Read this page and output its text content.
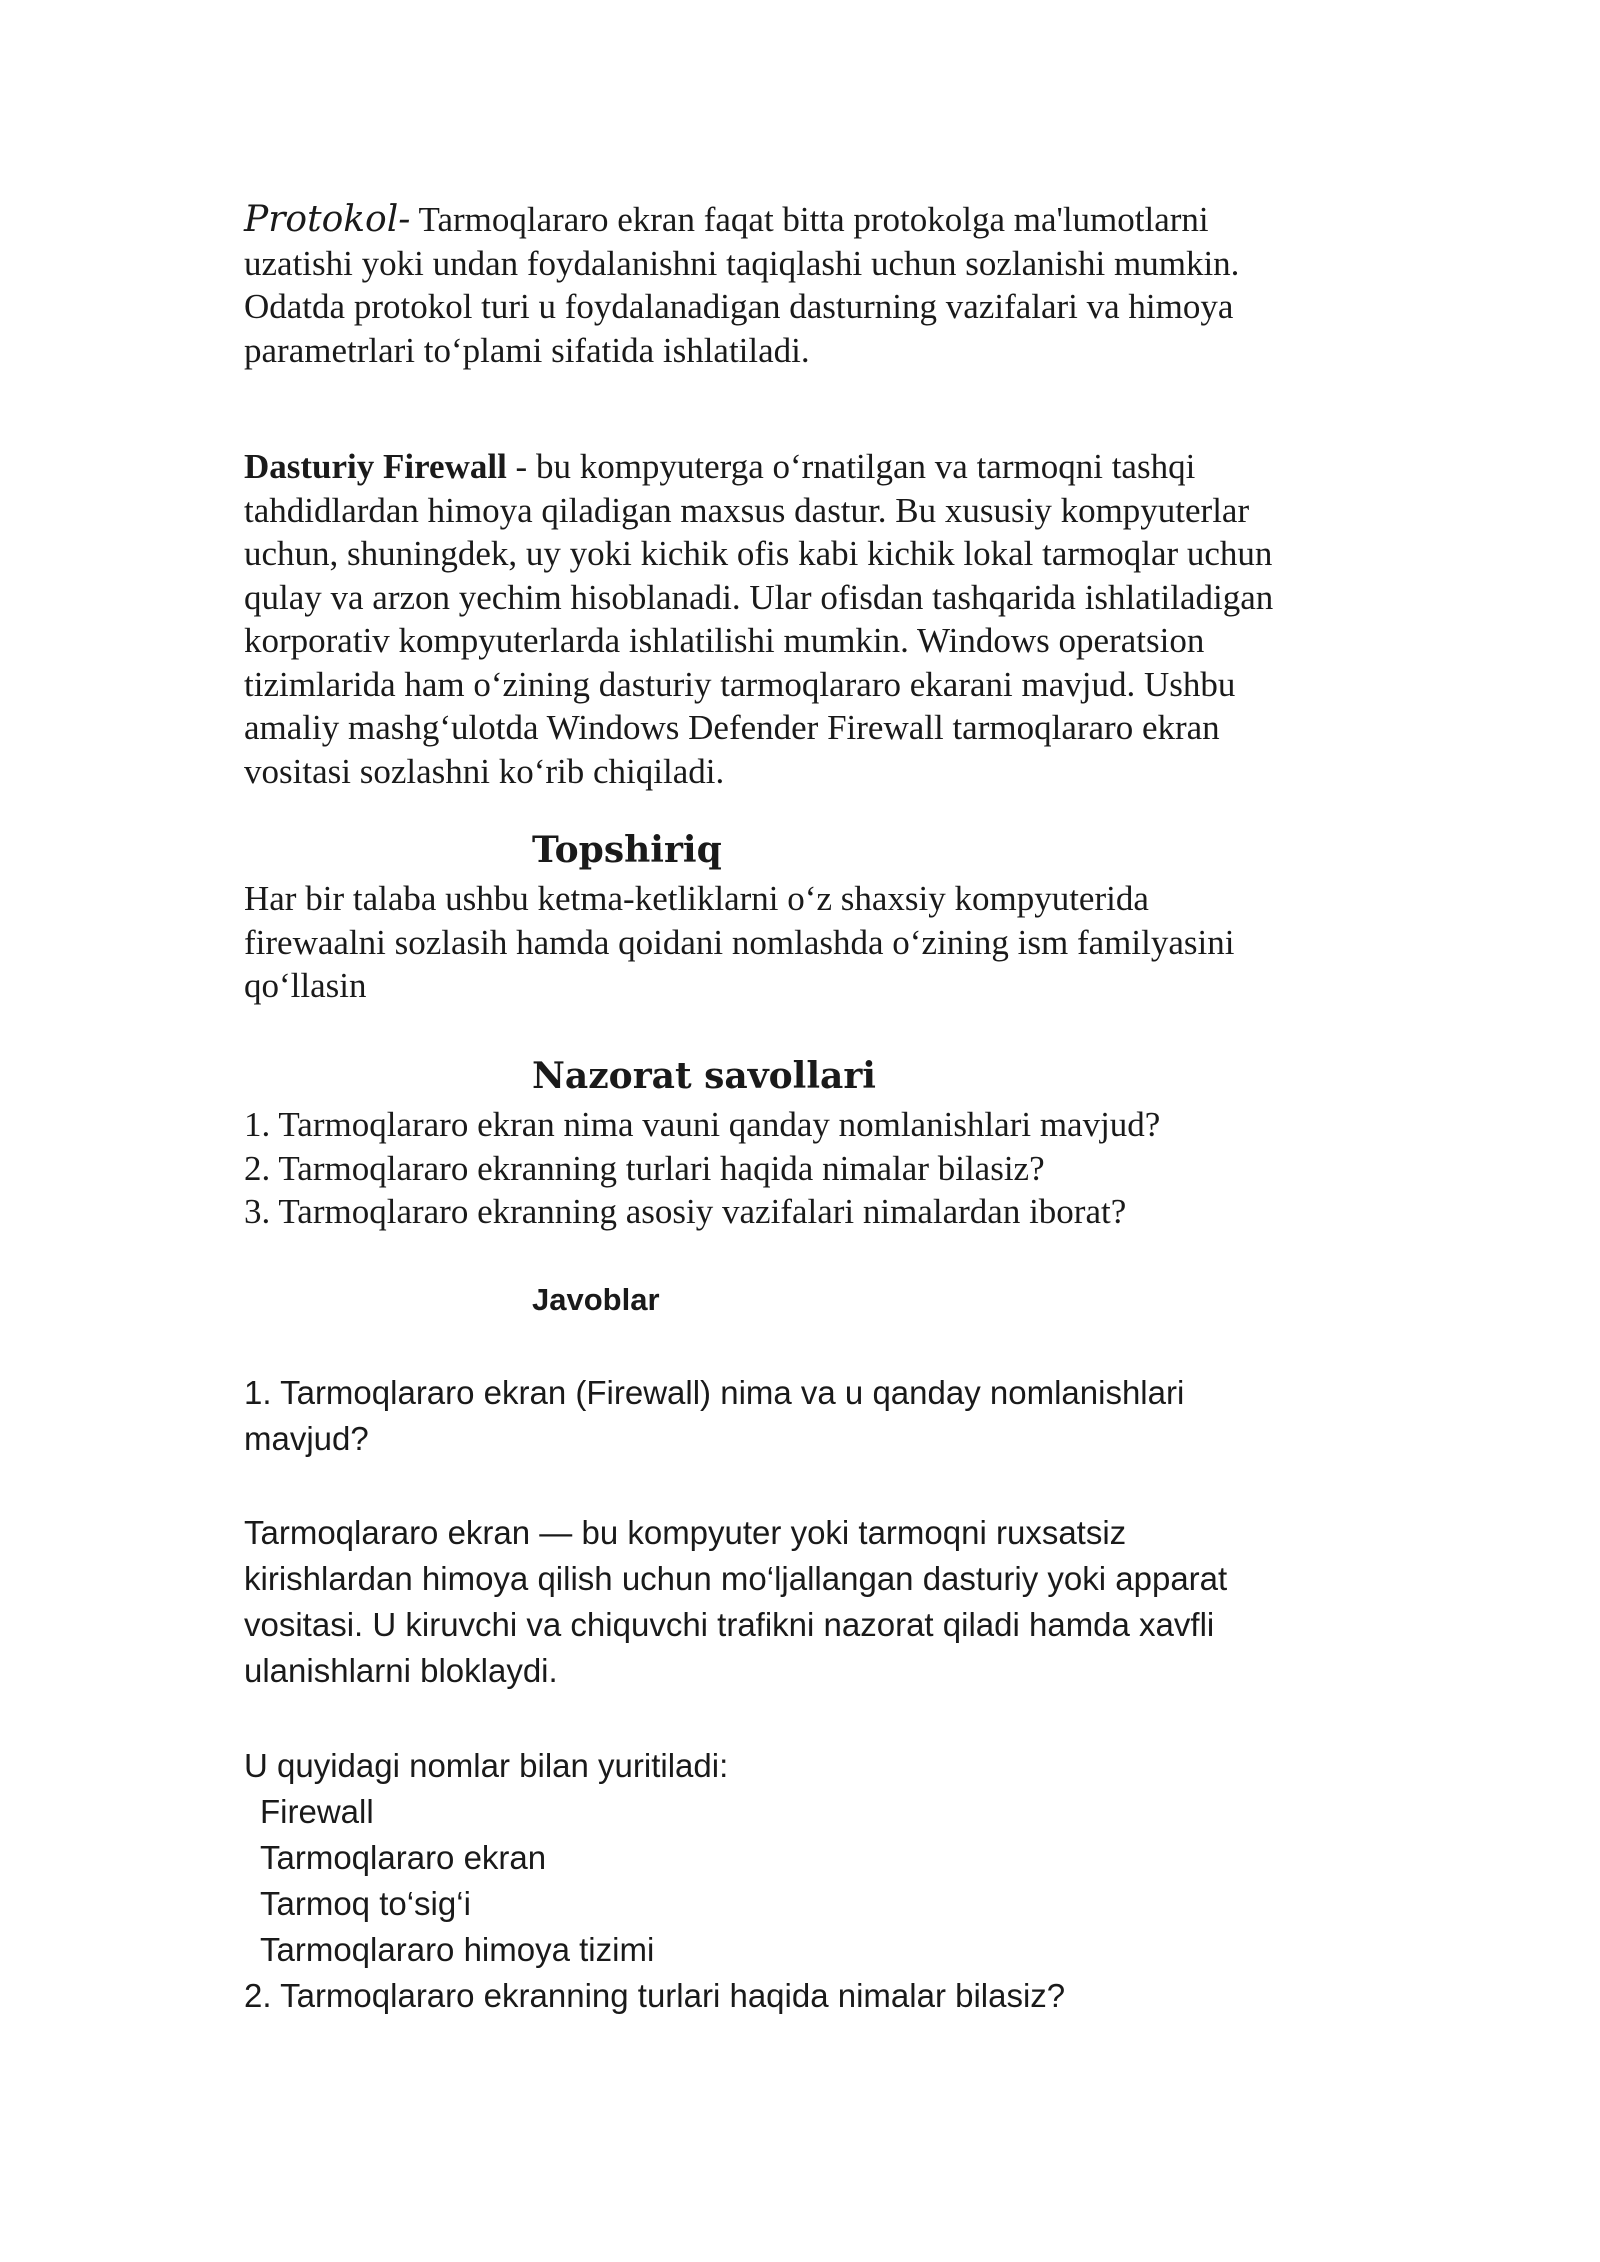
Protokol- Tarmoqlararo ekran faqat bitta protokolga ma'lumotlarni
uzatishi yoki undan foydalanishni taqiqlashi uchun sozlanishi mumkin.
Odatda protokol turi u foydalanadigan dasturning vazifalari va himoya
parametrlari to‘plami sifatida ishlatiladi.

Dasturiy Firewall - bu kompyuterga o‘rnatilgan va tarmoqni tashqi
tahdidlardan himoya qiladigan maxsus dastur. Bu xususiy kompyuterlar
uchun, shuningdek, uy yoki kichik ofis kabi kichik lokal tarmoqlar uchun
qulay va arzon yechim hisoblanadi. Ular ofisdan tashqarida ishlatiladigan
korporativ kompyuterlarda ishlatilishi mumkin. Windows operatsion
tizimlarida ham o‘zining dasturiy tarmoqlararo ekarani mavjud. Ushbu
amaliy mashg‘ulotda Windows Defender Firewall tarmoqlararo ekran
vositasi sozlashni ko‘rib chiqiladi.

Topshiriq

Har bir talaba ushbu ketma-ketliklarni o‘z shaxsiy kompyuterida
firewaalni sozlasih hamda qoidani nomlashda o‘zining ism familyasini
qo‘llasin

Nazorat savollari
1. Tarmoqlararo ekran nima vauni qanday nomlanishlari mavjud?
2. Tarmoqlararo ekranning turlari haqida nimalar bilasiz?
3. Tarmoqlararo ekranning asosiy vazifalari nimalardan iborat?
Javoblar

1. Tarmoqlararo ekran (Firewall) nima va u qanday nomlanishlari
mavjud?

Tarmoqlararo ekran — bu kompyuter yoki tarmoqni ruxsatsiz
kirishlardan himoya qilish uchun mo‘ljallangan dasturiy yoki apparat
vositasi. U kiruvchi va chiquvchi trafikni nazorat qiladi hamda xavfli
ulanishlarni bloklaydi.

U quyidagi nomlar bilan yuritiladi:
Firewall
Tarmoqlararo ekran
Tarmoq to‘sig‘i
Tarmoqlararo himoya tizimi
2. Tarmoqlararo ekranning turlari haqida nimalar bilasiz?
